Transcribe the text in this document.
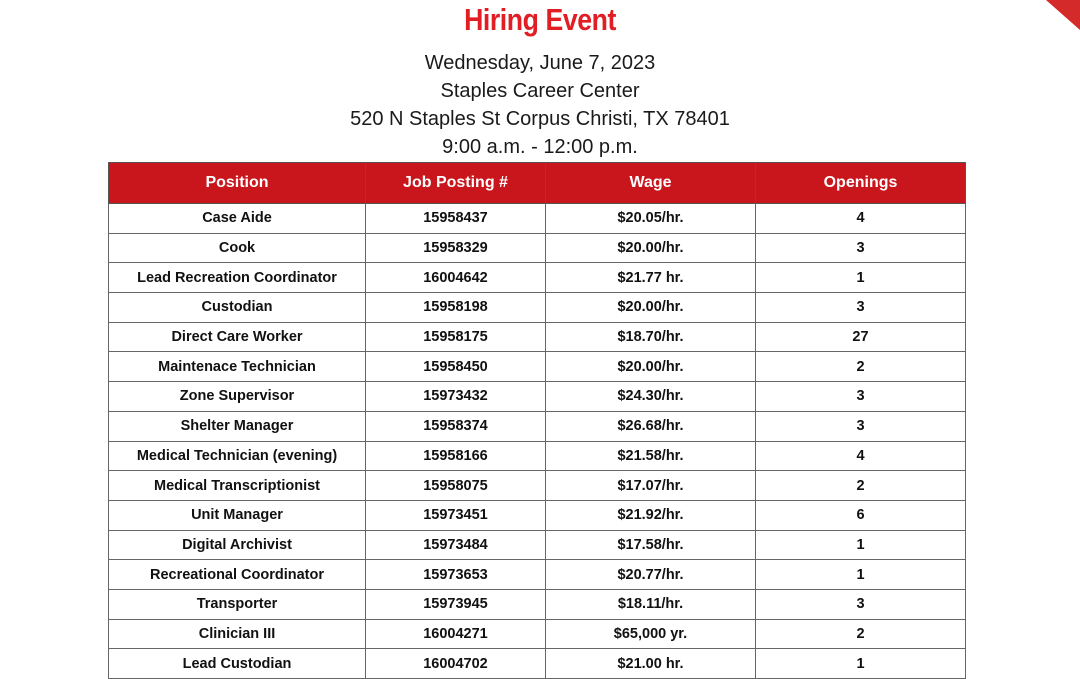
Hiring Event
Wednesday, June 7, 2023
Staples Career Center
520 N Staples St Corpus Christi, TX 78401
9:00 a.m. - 12:00 p.m.
Position	Job Posting #	Wage	Openings
Case Aide	15958437	$20.05/hr.	4
Cook	15958329	$20.00/hr.	3
Lead Recreation Coordinator	16004642	$21.77 hr.	1
Custodian	15958198	$20.00/hr.	3
Direct Care Worker	15958175	$18.70/hr.	27
Maintenace Technician	15958450	$20.00/hr.	2
Zone Supervisor	15973432	$24.30/hr.	3
Shelter Manager	15958374	$26.68/hr.	3
Medical Technician (evening)	15958166	$21.58/hr.	4
Medical Transcriptionist	15958075	$17.07/hr.	2
Unit Manager	15973451	$21.92/hr.	6
Digital Archivist	15973484	$17.58/hr.	1
Recreational Coordinator	15973653	$20.77/hr.	1
Transporter	15973945	$18.11/hr.	3
Clinician III	16004271	$65,000 yr.	2
Lead Custodian	16004702	$21.00 hr.	1
